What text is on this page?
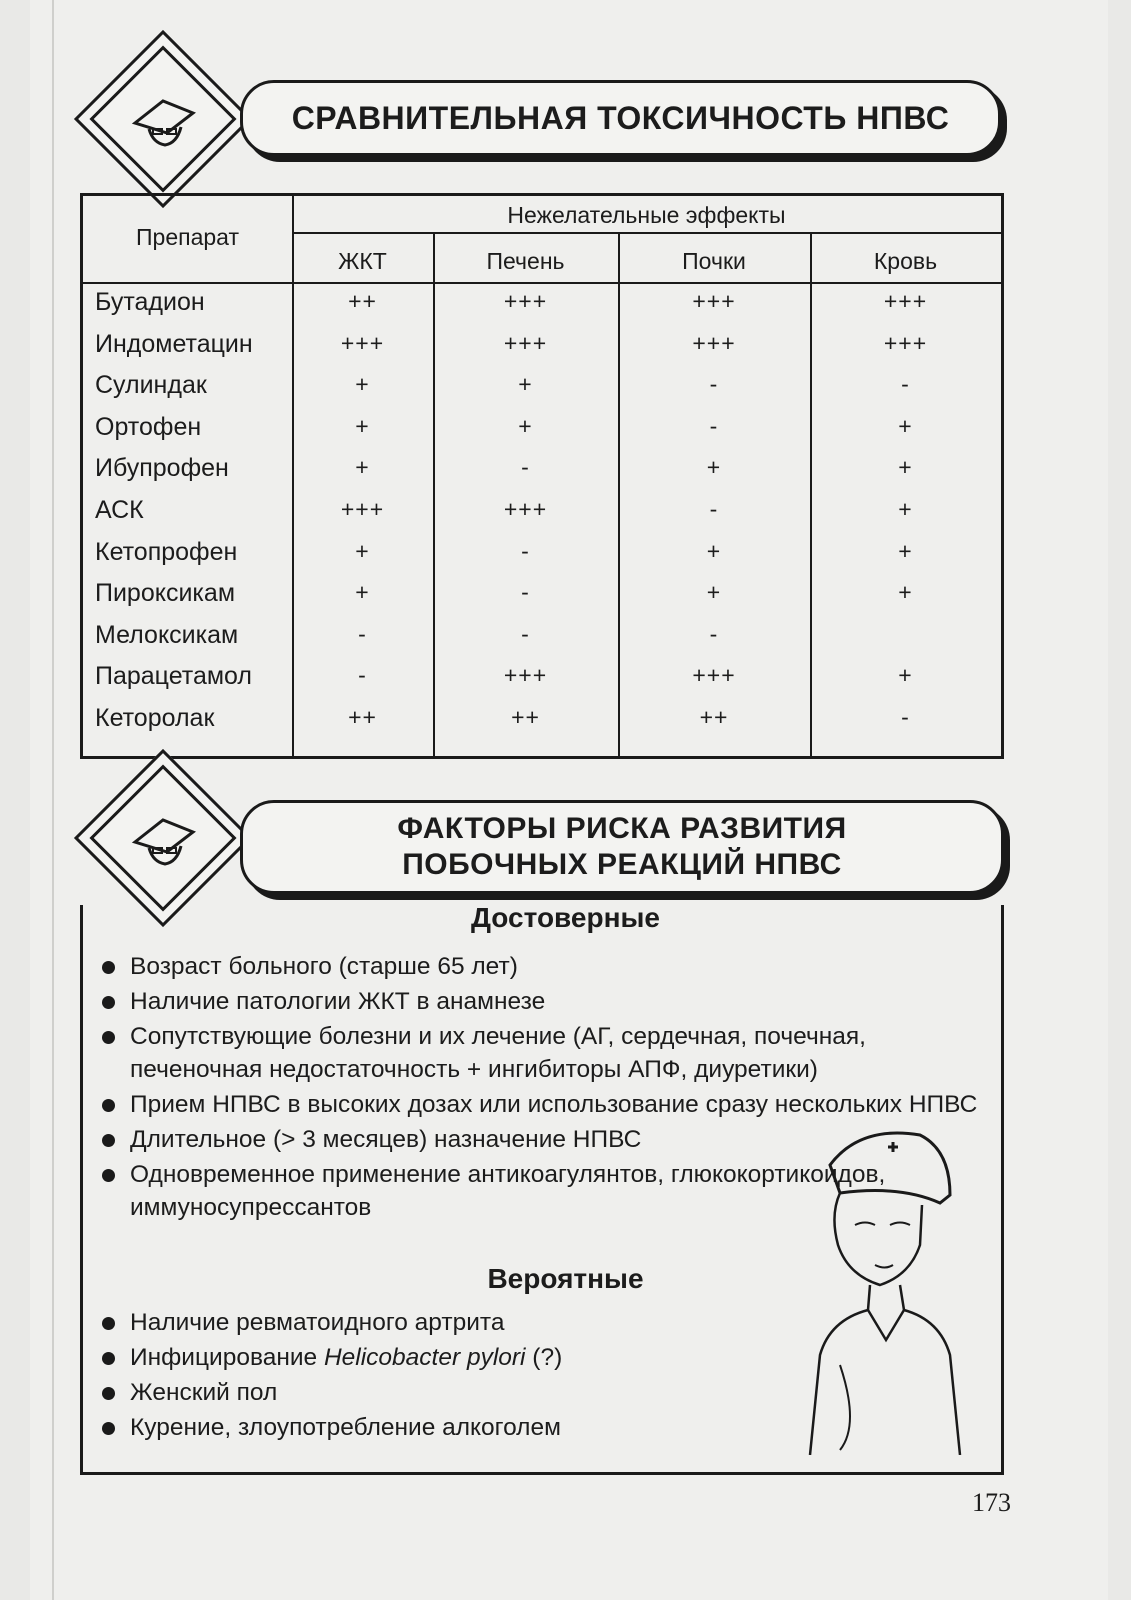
СРАВНИТЕЛЬНАЯ ТОКСИЧНОСТЬ НПВС
Препарат
Нежелательные эффекты
ЖКТ	Печень	Почки	Кровь
Бутадион	++	+++	+++	+++
Индометацин	+++	+++	+++	+++
Сулиндак	+	+	-	-
Ортофен	+	+	-	+
Ибупрофен	+	-	+	+
АСК	+++	+++	-	+
Кетопрофен	+	-	+	+
Пироксикам	+	-	+	+
Мелоксикам	-	-	-
Парацетамол	-	+++	+++	+
Кеторолак	++	++	++	-
ФАКТОРЫ РИСКА РАЗВИТИЯ
ПОБОЧНЫХ РЕАКЦИЙ НПВС
Достоверные
Возраст больного (старше 65 лет)
Наличие патологии ЖКТ в анамнезе
Сопутствующие болезни и их лечение (АГ, сердечная, почечная, печеночная недостаточность + ингибиторы АПФ, диуретики)
Прием НПВС в высоких дозах или использование сразу нескольких НПВС
Длительное (> 3 месяцев) назначение НПВС
Одновременное применение антикоагулянтов, глюкокортикоидов, иммуносупрессантов
Вероятные
Наличие ревматоидного артрита
Инфицирование Helicobacter pylori (?)
Женский пол
Курение, злоупотребление алкоголем
173
